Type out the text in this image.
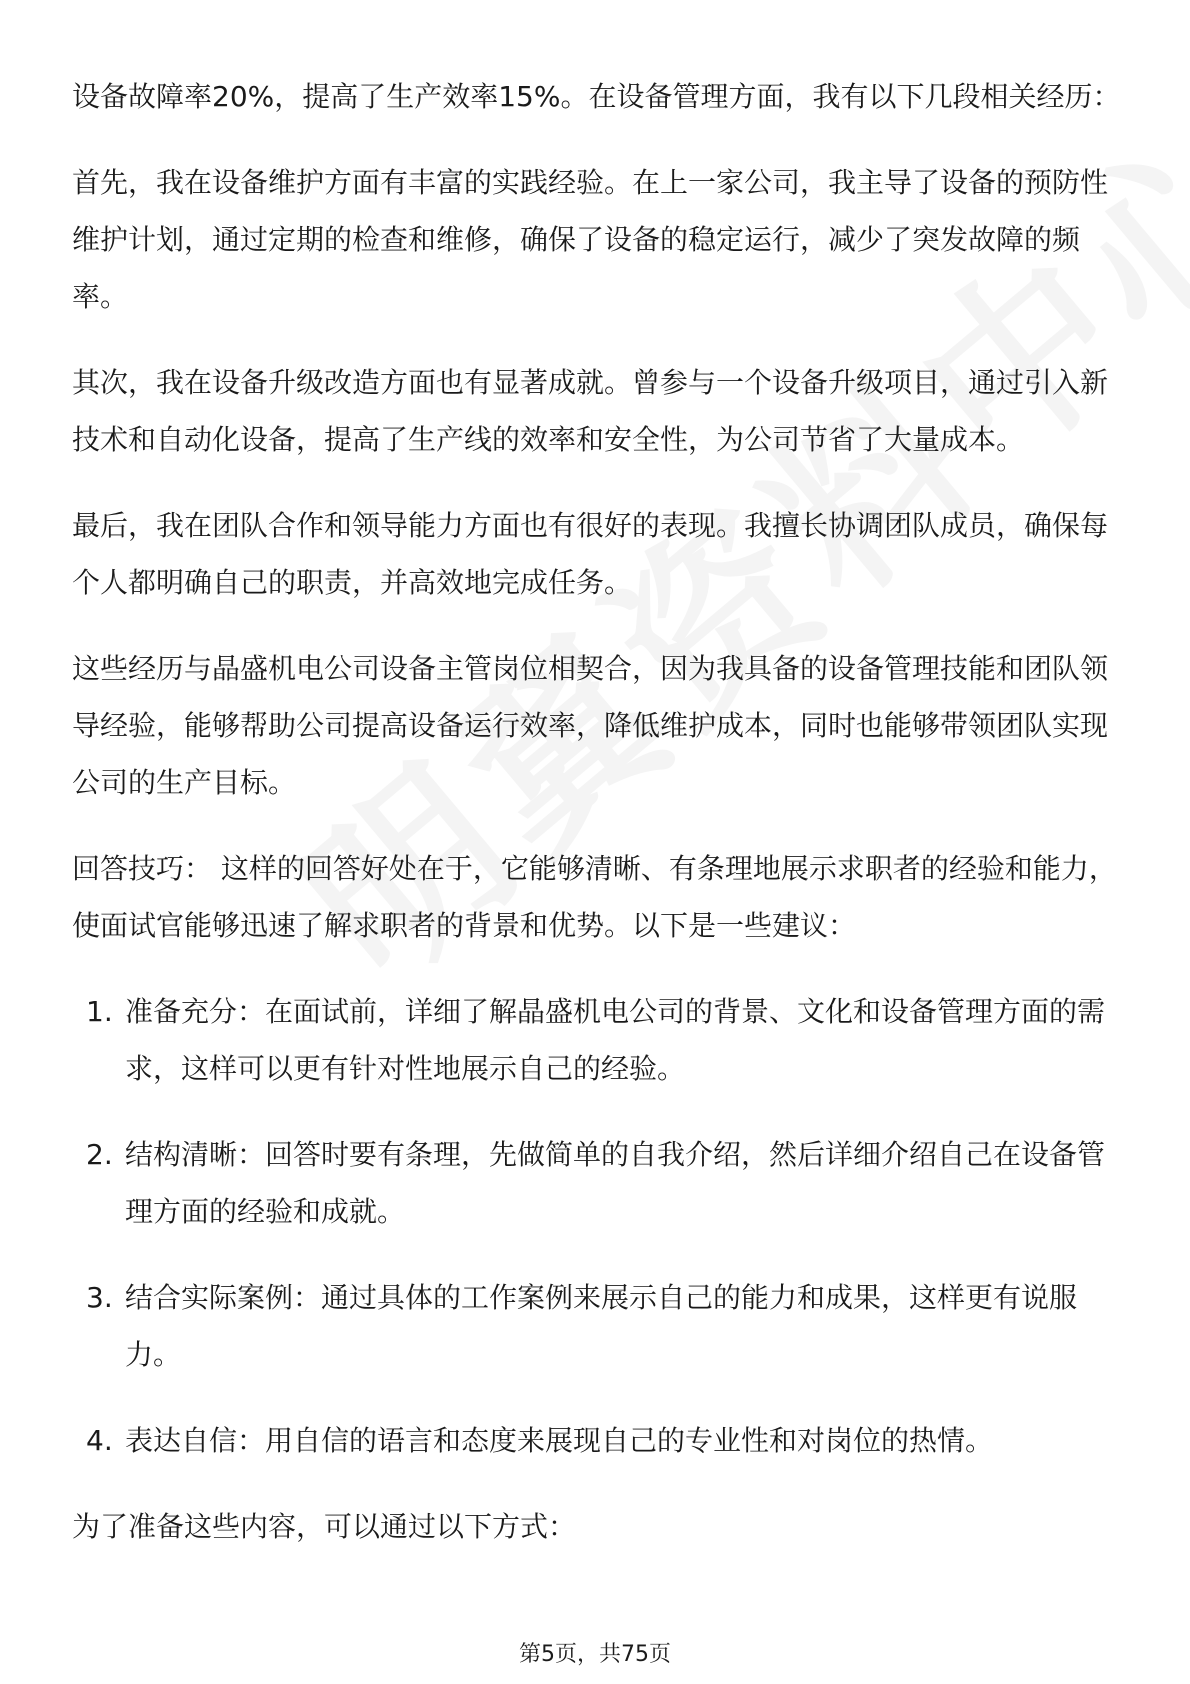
设备故障率20%，提高了生产效率15%。在设备管理方面，我有以下几段相关经历：

首先，我在设备维护方面有丰富的实践经验。在上一家公司，我主导了设备的预防性维护计划，通过定期的检查和维修，确保了设备的稳定运行，减少了突发故障的频率。

其次，我在设备升级改造方面也有显著成就。曾参与一个设备升级项目，通过引入新技术和自动化设备，提高了生产线的效率和安全性，为公司节省了大量成本。

最后，我在团队合作和领导能力方面也有很好的表现。我擅长协调团队成员，确保每个人都明确自己的职责，并高效地完成任务。

这些经历与晶盛机电公司设备主管岗位相契合，因为我具备的设备管理技能和团队领导经验，能够帮助公司提高设备运行效率，降低维护成本，同时也能够带领团队实现公司的生产目标。

回答技巧： 这样的回答好处在于，它能够清晰、有条理地展示求职者的经验和能力，使面试官能够迅速了解求职者的背景和优势。以下是一些建议：

1. 准备充分：在面试前，详细了解晶盛机电公司的背景、文化和设备管理方面的需求，这样可以更有针对性地展示自己的经验。
2. 结构清晰：回答时要有条理，先做简单的自我介绍，然后详细介绍自己在设备管理方面的经验和成就。
3. 结合实际案例：通过具体的工作案例来展示自己的能力和成果，这样更有说服力。
4. 表达自信：用自信的语言和态度来展现自己的专业性和对岗位的热情。

为了准备这些内容，可以通过以下方式：

第5页，共75页
